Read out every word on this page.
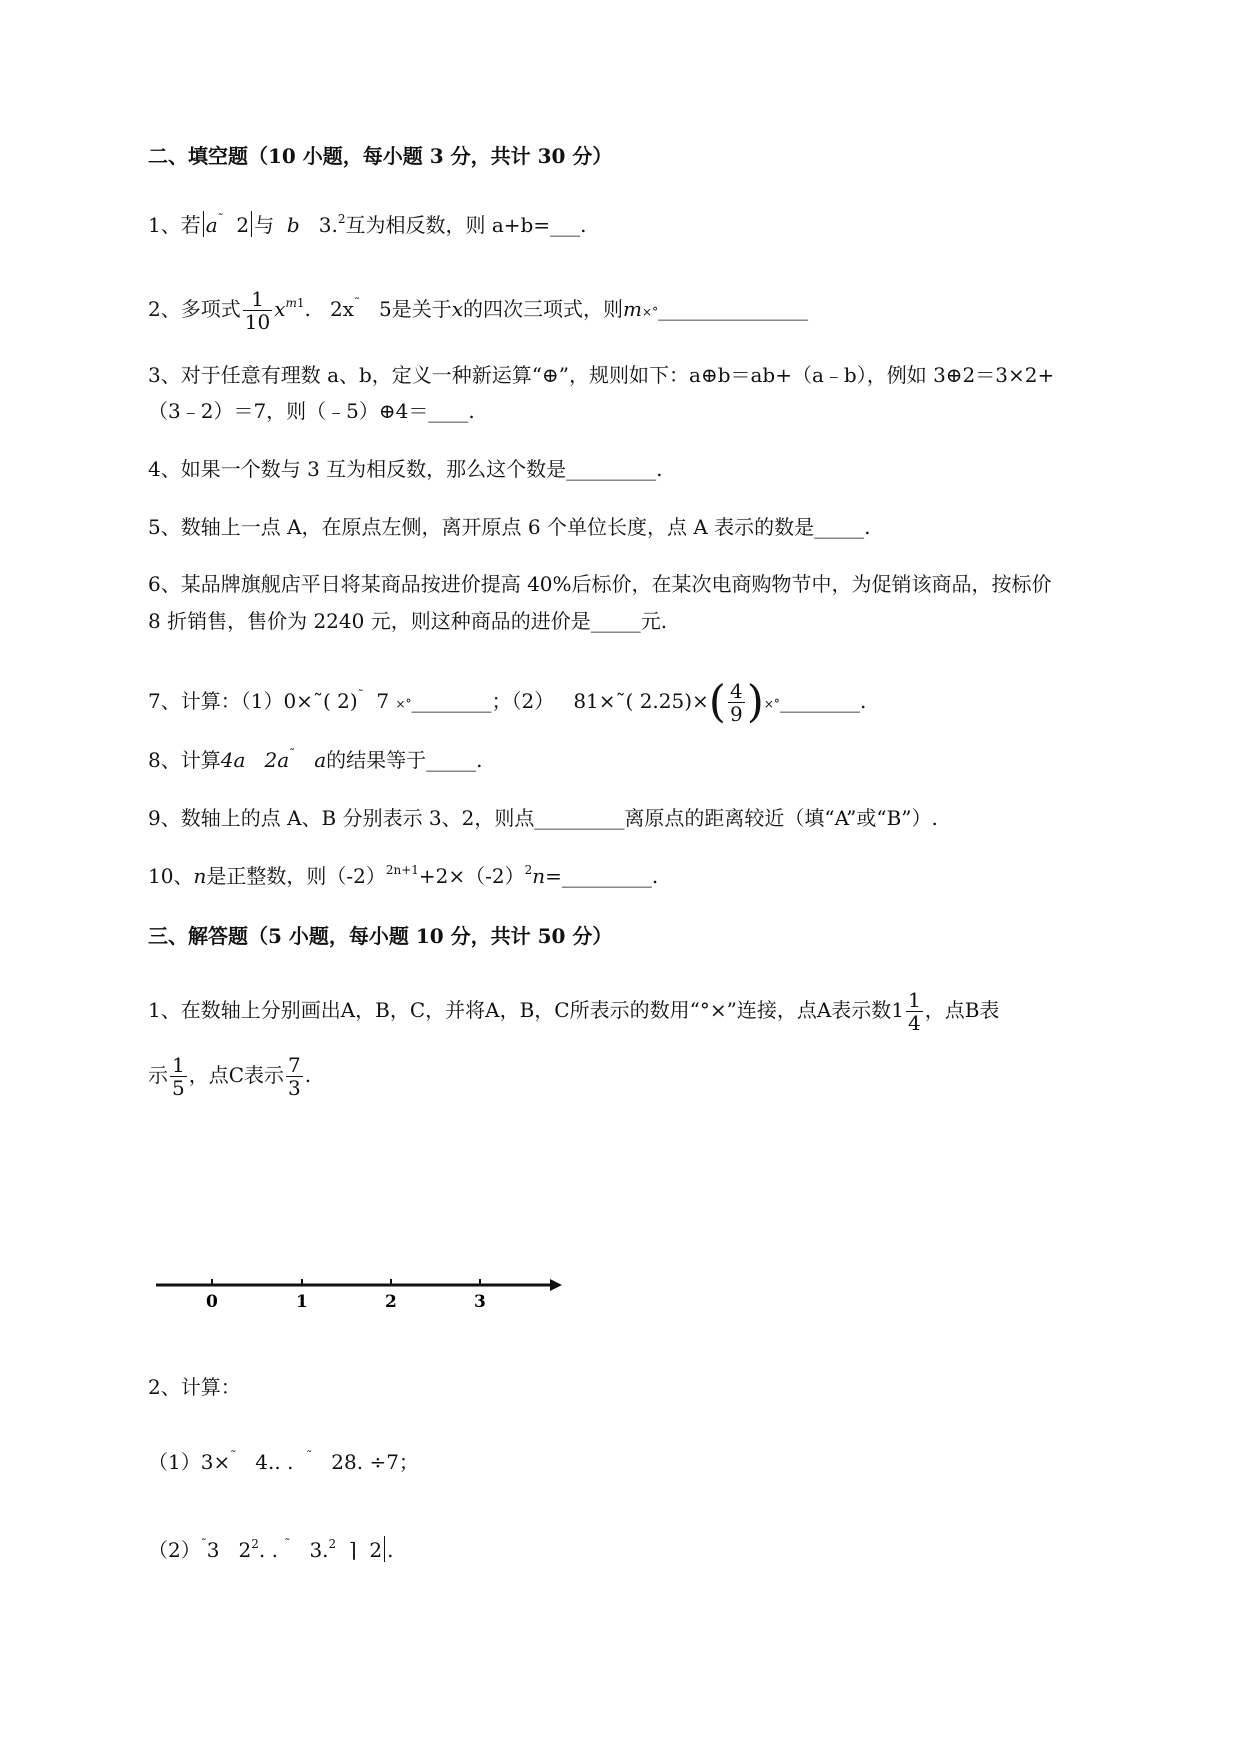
二、填空题（10 小题，每小题 3 分，共计 30 分）
1、若 a˜ 2 与 b 3.$^2$互为相反数，则 a+b=___.
2、多项式 $\frac{1}{10} x^{m1}$.   2x˜ 5是关于x的四次三项式，则m×°_______________
3、对于任意有理数 a、b，定义一种新运算“⊕”，规则如下：a⊕b＝ab+（a﹣b），例如 3⊕2＝3×2+
（3﹣2）＝7，则（﹣5）⊕4＝____.
4、如果一个数与 3 互为相反数，那么这个数是_________.
5、数轴上一点 A，在原点左侧，离开原点 6 个单位长度，点 A 表示的数是_____.
6、某品牌旗舰店平日将某商品按进价提高 40%后标价，在某次电商购物节中，为促销该商品，按标价
8 折销售，售价为 2240 元，则这种商品的进价是_____元.
7、计算：（1）0×˜( 2)˜ 7 ×°________；（2） 81×˜( $2.25)\times( \frac{4}{9}$ )×°________.
8、计算4a 2a˜ a的结果等于_____.
9、数轴上的点 A、B 分别表示 3、2，则点_________离原点的距离较近（填“A”或“B”）.
10、n是正整数，则$(-2)^{2n+1}+2\times(-2)^2n=\_\_\_\_\_\_\_\_\_$.
三、解答题（5 小题，每小题 10 分，共计 50 分）
1、在数轴上分别画出A，B，C，并将A，B，C所表示的数用“°×”连接，点A表示数$1 \frac{1}{4}$ ，点B表
示 $\frac{1}{5}$ ，点C表示 $\frac{7}{3}$ .
0	1	2	3
2、计算：
（1）3×˜ 4.. .  ˜ 28. ÷7；
（2）˜3 $2^2$. . ˜ 3.$^2$  ⌉  2 .
